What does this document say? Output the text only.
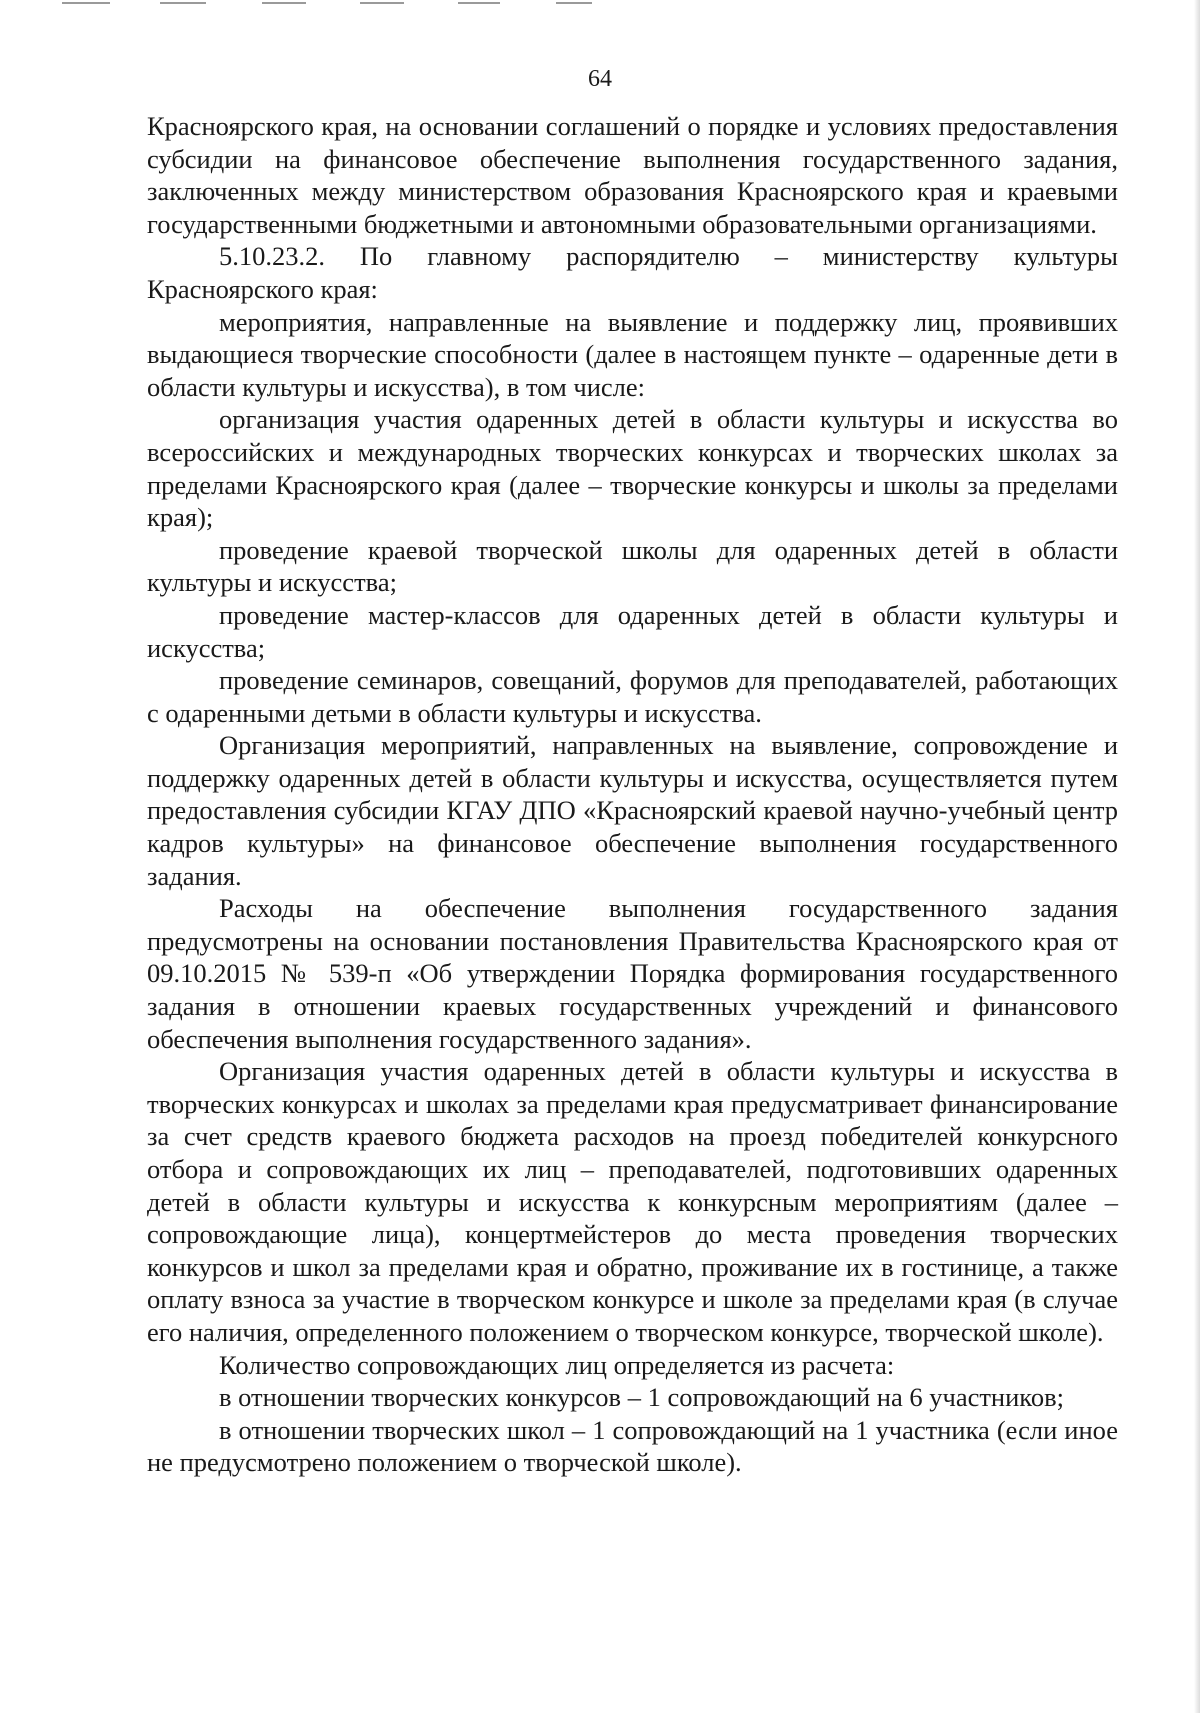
64

Красноярского края, на основании соглашений о порядке и условиях предоставления субсидии на финансовое обеспечение выполнения государственного задания, заключенных между министерством образования Красноярского края и краевыми государственными бюджетными и автономными образовательными организациями.

5.10.23.2. По главному распорядителю – министерству культуры Красноярского края:

мероприятия, направленные на выявление и поддержку лиц, проявивших выдающиеся творческие способности (далее в настоящем пункте – одаренные дети в области культуры и искусства), в том числе:

организация участия одаренных детей в области культуры и искусства во всероссийских и международных творческих конкурсах и творческих школах за пределами Красноярского края (далее – творческие конкурсы и школы за пределами края);

проведение краевой творческой школы для одаренных детей в области культуры и искусства;

проведение мастер-классов для одаренных детей в области культуры и искусства;

проведение семинаров, совещаний, форумов для преподавателей, работающих с одаренными детьми в области культуры и искусства.

Организация мероприятий, направленных на выявление, сопровождение и поддержку одаренных детей в области культуры и искусства, осуществляется путем предоставления субсидии КГАУ ДПО «Красноярский краевой научно-учебный центр кадров культуры» на финансовое обеспечение выполнения государственного задания.

Расходы на обеспечение выполнения государственного задания предусмотрены на основании постановления Правительства Красноярского края от 09.10.2015 № 539-п «Об утверждении Порядка формирования государственного задания в отношении краевых государственных учреждений и финансового обеспечения выполнения государственного задания».

Организация участия одаренных детей в области культуры и искусства в творческих конкурсах и школах за пределами края предусматривает финансирование за счет средств краевого бюджета расходов на проезд победителей конкурсного отбора и сопровождающих их лиц – преподавателей, подготовивших одаренных детей в области культуры и искусства к конкурсным мероприятиям (далее – сопровождающие лица), концертмейстеров до места проведения творческих конкурсов и школ за пределами края и обратно, проживание их в гостинице, а также оплату взноса за участие в творческом конкурсе и школе за пределами края (в случае его наличия, определенного положением о творческом конкурсе, творческой школе).

Количество сопровождающих лиц определяется из расчета:

в отношении творческих конкурсов – 1 сопровождающий на 6 участников;

в отношении творческих школ – 1 сопровождающий на 1 участника (если иное не предусмотрено положением о творческой школе).
